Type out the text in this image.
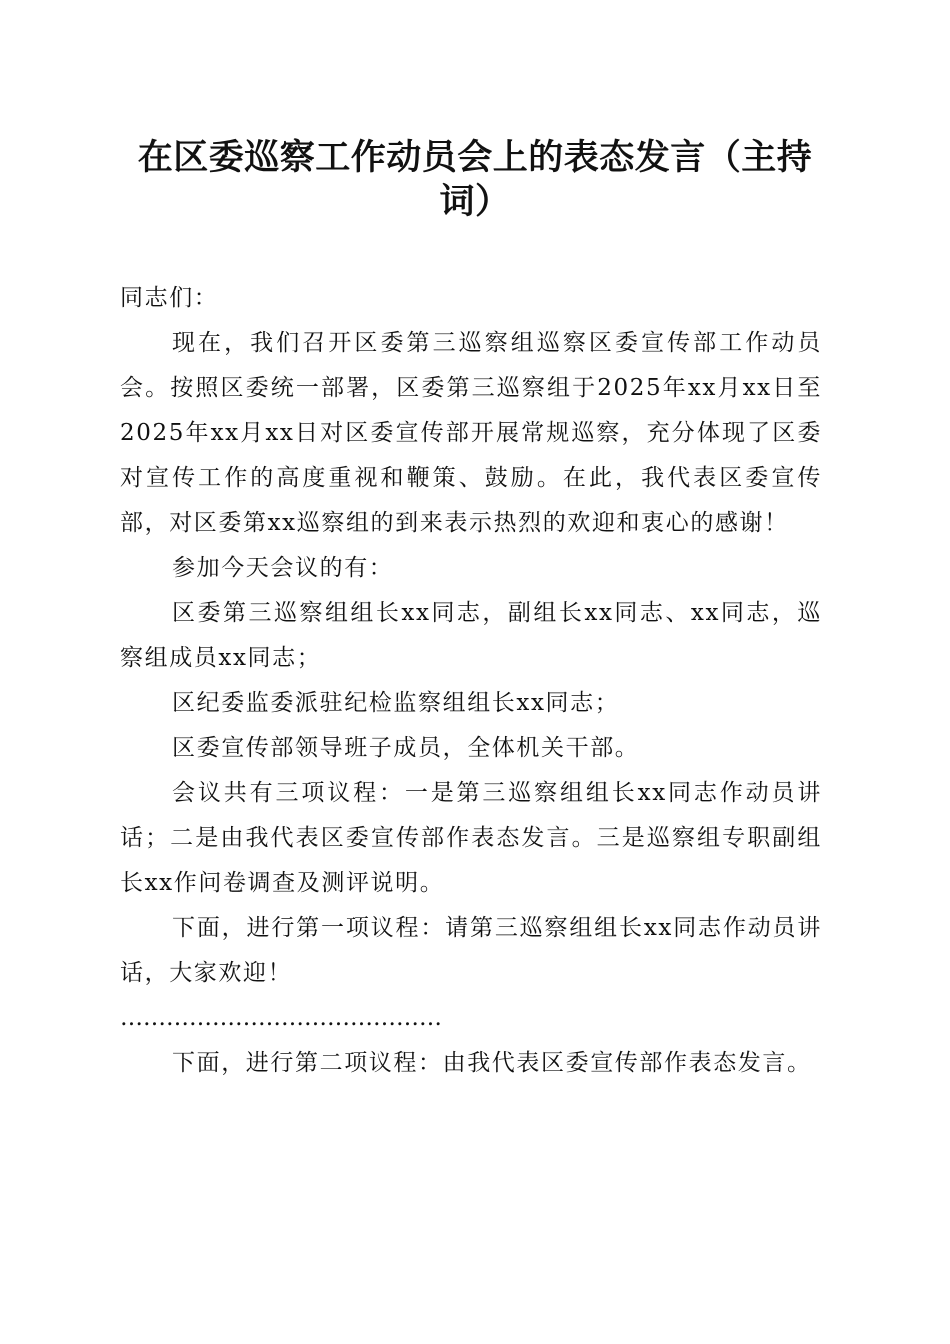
在区委巡察工作动员会上的表态发言（主持词）

同志们：

现在，我们召开区委第三巡察组巡察区委宣传部工作动员会。按照区委统一部署，区委第三巡察组于2025年xx月xx日至2025年xx月xx日对区委宣传部开展常规巡察，充分体现了区委对宣传工作的高度重视和鞭策、鼓励。在此，我代表区委宣传部，对区委第xx巡察组的到来表示热烈的欢迎和衷心的感谢！

参加今天会议的有：

区委第三巡察组组长xx同志，副组长xx同志、xx同志，巡察组成员xx同志；

区纪委监委派驻纪检监察组组长xx同志；

区委宣传部领导班子成员，全体机关干部。

会议共有三项议程：一是第三巡察组组长xx同志作动员讲话；二是由我代表区委宣传部作表态发言。三是巡察组专职副组长xx作问卷调查及测评说明。

下面，进行第一项议程：请第三巡察组组长xx同志作动员讲话，大家欢迎！

……………………………………

下面，进行第二项议程：由我代表区委宣传部作表态发言。
